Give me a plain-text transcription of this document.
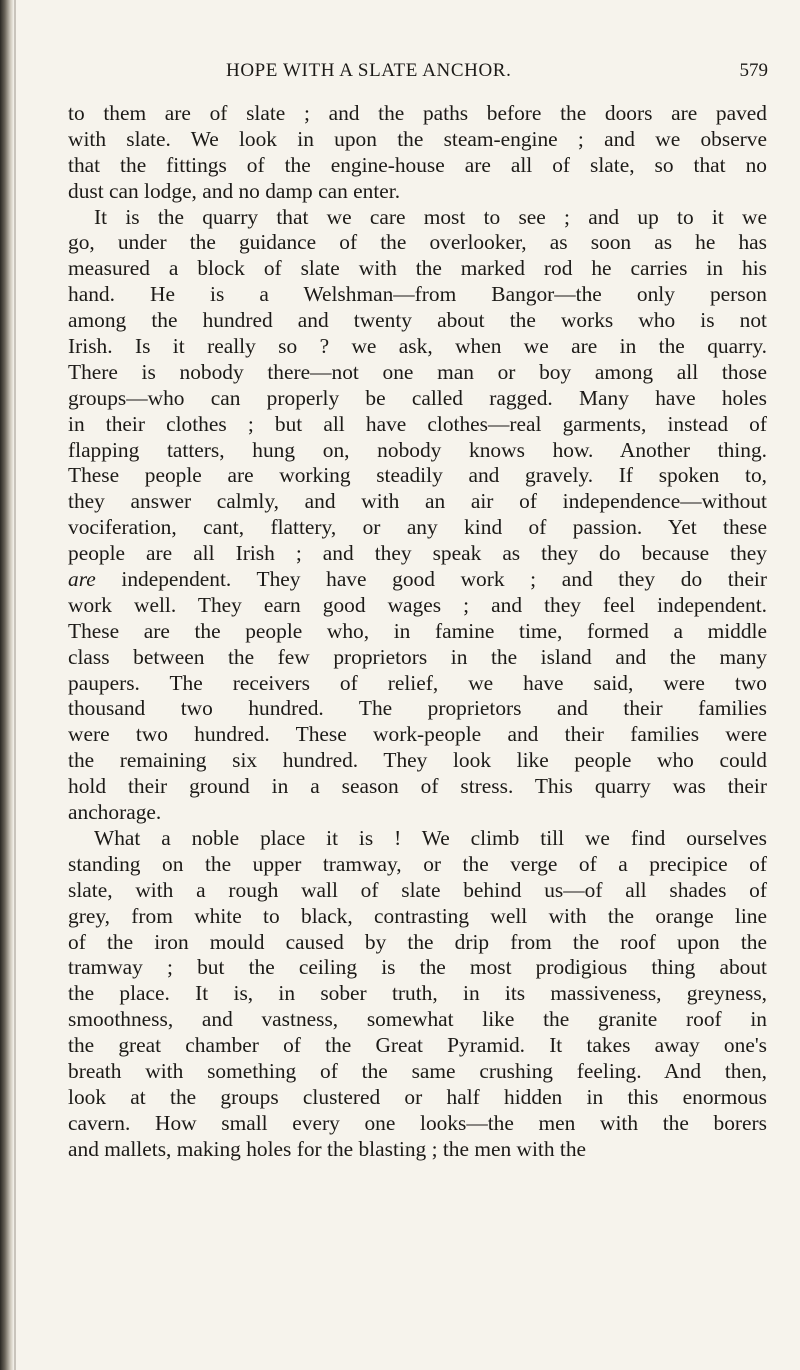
HOPE WITH A SLATE ANCHOR.	579
to them are of slate ; and the paths before the doors are paved
with slate. We look in upon the steam-engine ; and we observe
that the fittings of the engine-house are all of slate, so that no
dust can lodge, and no damp can enter.
It is the quarry that we care most to see ; and up to it we
go, under the guidance of the overlooker, as soon as he has
measured a block of slate with the marked rod he carries in his
hand. He is a Welshman—from Bangor—the only person
among the hundred and twenty about the works who is not
Irish. Is it really so ? we ask, when we are in the quarry.
There is nobody there—not one man or boy among all those
groups—who can properly be called ragged. Many have holes
in their clothes ; but all have clothes—real garments, instead of
flapping tatters, hung on, nobody knows how. Another thing.
These people are working steadily and gravely. If spoken to,
they answer calmly, and with an air of independence—without
vociferation, cant, flattery, or any kind of passion. Yet these
people are all Irish ; and they speak as they do because they
are independent. They have good work ; and they do their
work well. They earn good wages ; and they feel independent.
These are the people who, in famine time, formed a middle
class between the few proprietors in the island and the many
paupers. The receivers of relief, we have said, were two
thousand two hundred. The proprietors and their families
were two hundred. These work-people and their families were
the remaining six hundred. They look like people who could
hold their ground in a season of stress. This quarry was their
anchorage.
What a noble place it is ! We climb till we find ourselves
standing on the upper tramway, or the verge of a precipice of
slate, with a rough wall of slate behind us—of all shades of
grey, from white to black, contrasting well with the orange line
of the iron mould caused by the drip from the roof upon the
tramway ; but the ceiling is the most prodigious thing about
the place. It is, in sober truth, in its massiveness, greyness,
smoothness, and vastness, somewhat like the granite roof in
the great chamber of the Great Pyramid. It takes away one's
breath with something of the same crushing feeling. And then,
look at the groups clustered or half hidden in this enormous
cavern. How small every one looks—the men with the borers
and mallets, making holes for the blasting ; the men with the
